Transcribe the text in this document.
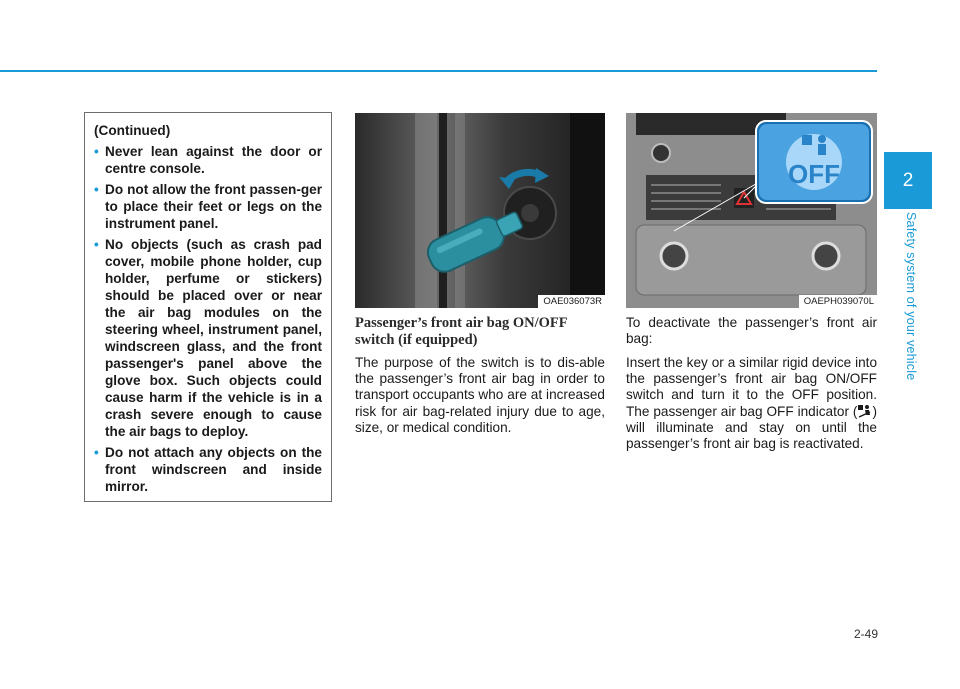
(Continued)

• Never lean against the door or centre console.
• Do not allow the front passen-ger to place their feet or legs on the instrument panel.
• No objects (such as crash pad cover, mobile phone holder, cup holder, perfume or stickers) should be placed over or near the air bag modules on the steering wheel, instrument panel, windscreen glass, and the front passenger's panel above the glove box. Such objects could cause harm if the vehicle is in a crash severe enough to cause the air bags to deploy.
• Do not attach any objects on the front windscreen and inside mirror.
OAE036073R
OFF
OAEPH039070L
Passenger’s front air bag ON/OFF switch (if equipped)

The purpose of the switch is to dis-able the passenger’s front air bag in order to transport occupants who are at increased risk for air bag-related injury due to age, size, or medical condition.

To deactivate the passenger’s front air bag:

Insert the key or a similar rigid device into the passenger’s front air bag ON/OFF switch and turn it to the OFF position. The passenger air bag OFF indicator ( ) will illuminate and stay on until the passenger’s front air bag is reactivated.

2
Safety system of your vehicle
2-49
